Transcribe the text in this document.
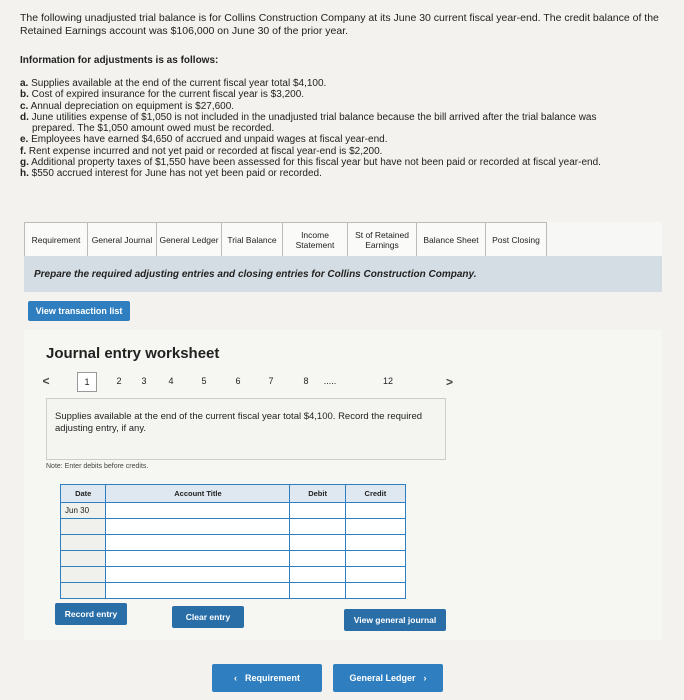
The following unadjusted trial balance is for Collins Construction Company at its June 30 current fiscal year-end. The credit balance of the Retained Earnings account was $106,000 on June 30 of the prior year.
Information for adjustments is as follows:
a. Supplies available at the end of the current fiscal year total $4,100.
b. Cost of expired insurance for the current fiscal year is $3,200.
c. Annual depreciation on equipment is $27,600.
d. June utilities expense of $1,050 is not included in the unadjusted trial balance because the bill arrived after the trial balance was
prepared. The $1,050 amount owed must be recorded.
e. Employees have earned $4,650 of accrued and unpaid wages at fiscal year-end.
f. Rent expense incurred and not yet paid or recorded at fiscal year-end is $2,200.
g. Additional property taxes of $1,550 have been assessed for this fiscal year but have not been paid or recorded at fiscal year-end.
h. $550 accrued interest for June has not yet been paid or recorded.
Requirement	General Journal General Ledger	Trial Balance	Income Statement
St of Retained Earnings	Balance Sheet	Post Closing
Prepare the required adjusting entries and closing entries for Collins Construction Company.
View transaction list
Journal entry worksheet
<	1	2	3	4	5	6	7	8	.....	12	>
Supplies available at the end of the current fiscal year total $4,100. Record the required adjusting entry, if any.
Note: Enter debits before credits.
Date	Account Title	Debit	Credit
Jun 30			

Record entry	Clear entry	View general journal
‹ Requirement	General Ledger ›
